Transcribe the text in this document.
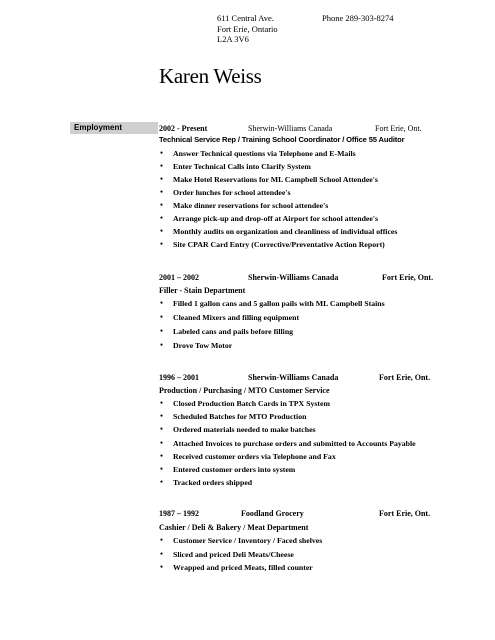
611 Central Ave.
Fort Erie, Ontario
L2A 3V6
Phone 289-303-8274
Karen Weiss
Employment	2002 - Present	Sherwin-Williams Canada	Fort Erie, Ont.
Technical Service Rep / Training School Coordinator / Office 55 Auditor
● Answer Technical questions via Telephone and E-Mails
● Enter Technical Calls into Clarify System
● Make Hotel Reservations for ML Campbell School Attendee's
● Order lunches for school attendee's
● Make dinner reservations for school attendee's
● Arrange pick-up and drop-off at Airport for school attendee's
● Monthly audits on organization and cleanliness of individual offices
● Site CPAR Card Entry (Corrective/Preventative Action Report)
2001 – 2002	Sherwin-Williams Canada	Fort Erie, Ont.
Filler - Stain Department
● Filled 1 gallon cans and 5 gallon pails with ML Campbell Stains
● Cleaned Mixers and filling equipment
● Labeled cans and pails before filling
● Drove Tow Motor
1996 – 2001	Sherwin-Williams Canada	Fort Erie, Ont.
Production / Purchasing / MTO Customer Service
● Closed Production Batch Cards in TPX System
● Scheduled Batches for MTO Production
● Ordered materials needed to make batches
● Attached Invoices to purchase orders and submitted to Accounts Payable
● Received customer orders via Telephone and Fax
● Entered customer orders into system
● Tracked orders shipped
1987 – 1992	Foodland Grocery	Fort Erie, Ont.
Cashier / Deli & Bakery / Meat Department
● Customer Service / Inventory / Faced shelves
● Sliced and priced Deli Meats/Cheese
● Wrapped and priced Meats, filled counter
